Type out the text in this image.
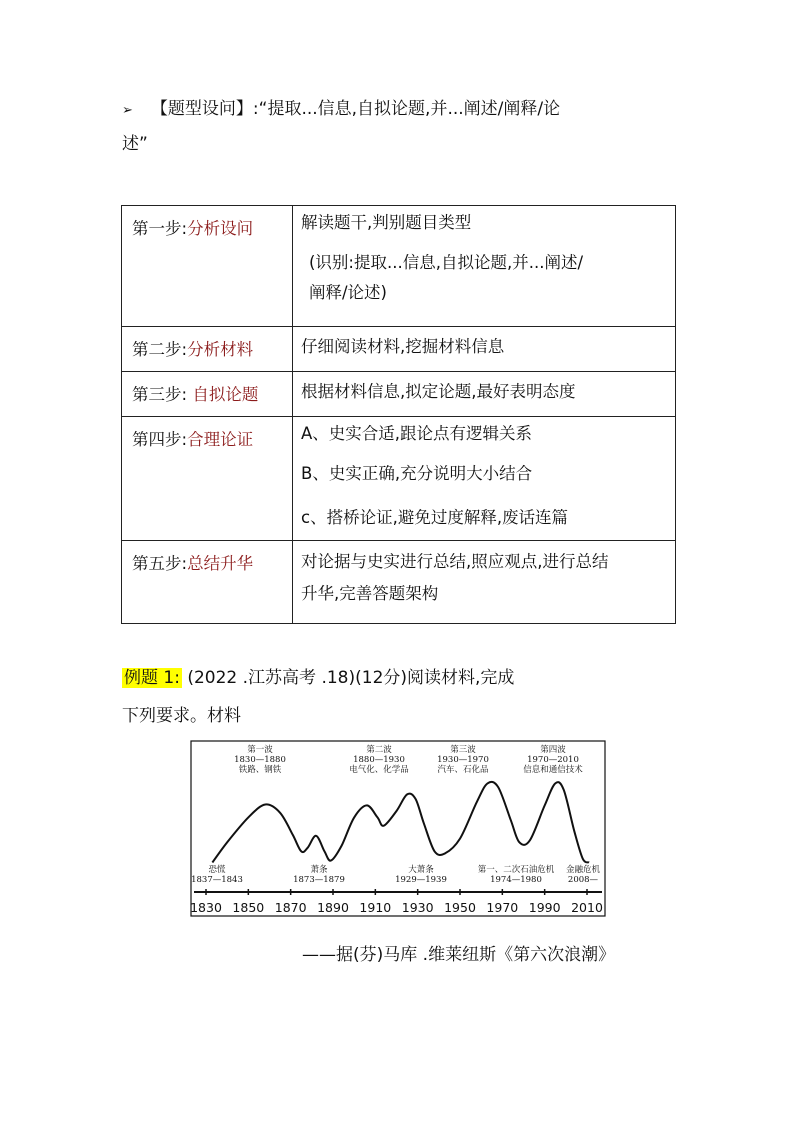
➢ 【题型设问】:“提取...信息,自拟论题,并...阐述/阐释/论
述”
第一步:分析设问	解读题干,判别题目类型

(识别:提取...信息,自拟论题,并...阐述/

阐释/论述)

第二步:分析材料	仔细阅读材料,挖掘材料信息

第三步: 自拟论题	根据材料信息,拟定论题,最好表明态度

第四步:合理论证	A、史实合适,跟论点有逻辑关系

B、史实正确,充分说明大小结合

c、搭桥论证,避免过度解释,废话连篇

第五步:总结升华	对论据与史实进行总结,照应观点,进行总结

升华,完善答题架构

例题 1: (2022 .江苏高考 .18)(12分)阅读材料,完成
下列要求。材料
第一波
1830—1880
铁路、钢铁
第二波
1880—1930
电气化、化学品
第三波
1930—1970
汽车、石化品
第四波
1970—2010
信息和通信技术
恐慌
1837—1843
萧条
1873—1879
大萧条
1929—1939
第一、二次石油危机
1974—1980
金融危机
2008—
1830 1850 1870 1890 1910 1930 1950 1970 1990 2010
——据(芬)马库 .维莱纽斯《第六次浪潮》
